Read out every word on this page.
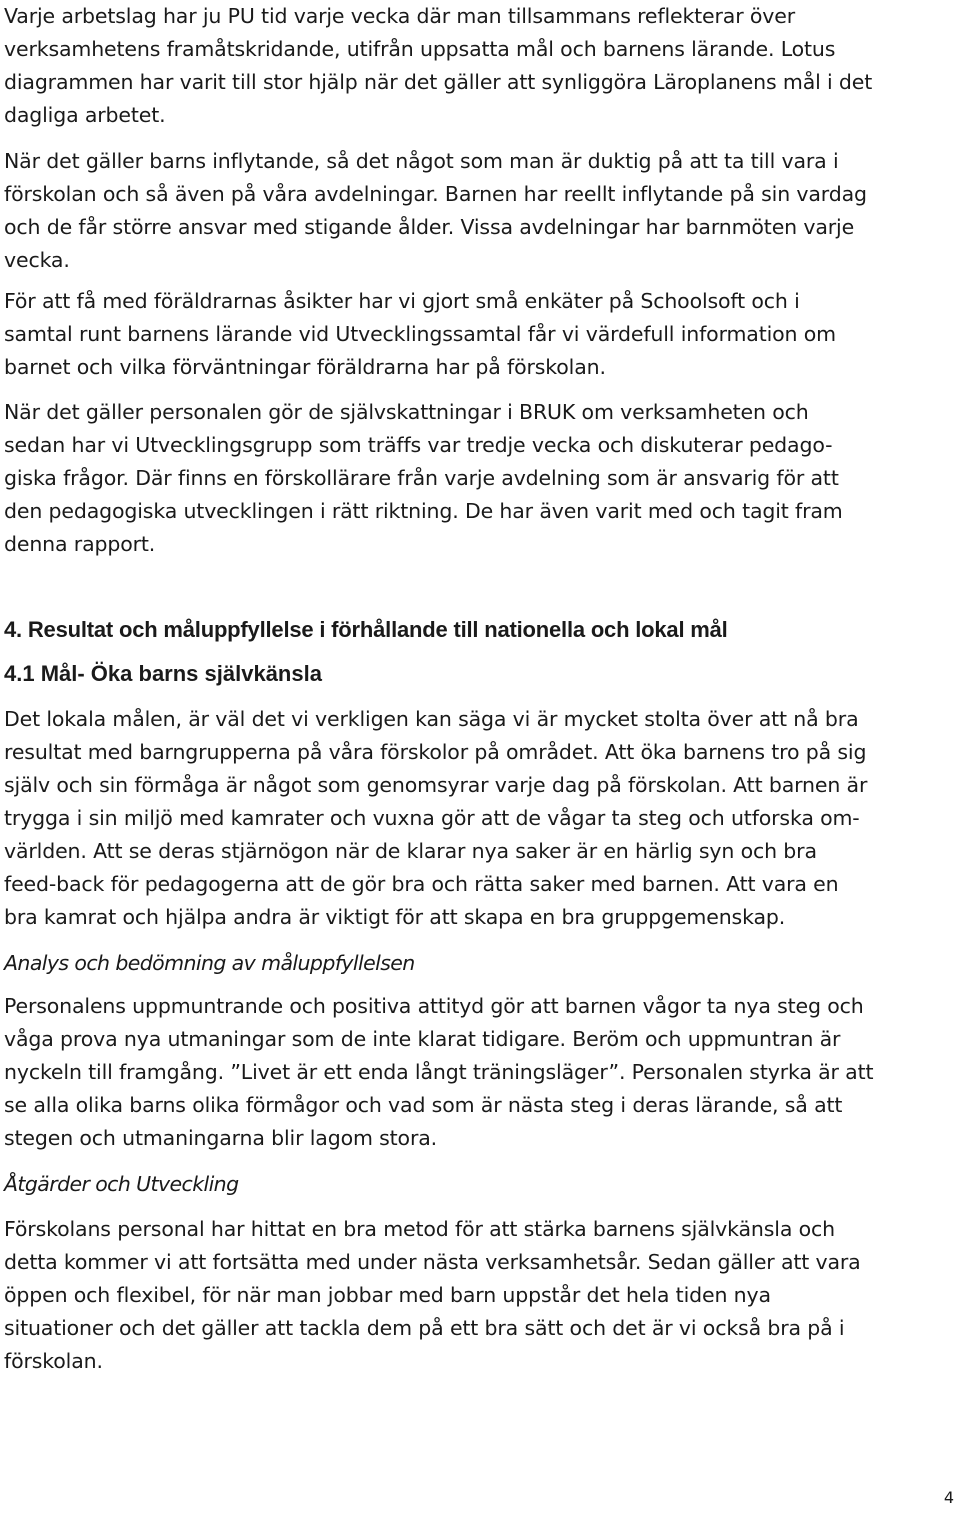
Varje arbetslag har ju PU tid varje vecka där man tillsammans reflekterar över
verksamhetens framåtskridande, utifrån uppsatta mål och barnens lärande. Lotus
diagrammen har varit till stor hjälp när det gäller att synliggöra Läroplanens mål i det
dagliga arbetet.
När det gäller barns inflytande, så det något som man är duktig på att ta till vara i
förskolan och så även på våra avdelningar. Barnen har reellt inflytande på sin vardag
och de får större ansvar med stigande ålder. Vissa avdelningar har barnmöten varje
vecka.
För att få med föräldrarnas åsikter har vi gjort små enkäter på Schoolsoft och i
samtal runt barnens lärande vid Utvecklingssamtal får vi värdefull information om
barnet och vilka förväntningar föräldrarna har på förskolan.
När det gäller personalen gör de självskattningar i BRUK om verksamheten och
sedan har vi Utvecklingsgrupp som träffs var tredje vecka och diskuterar pedago-
giska frågor. Där finns en förskollärare från varje avdelning som är ansvarig för att
den pedagogiska utvecklingen i rätt riktning. De har även varit med och tagit fram
denna rapport.
4. Resultat och måluppfyllelse i förhållande till nationella och lokal mål
4.1 Mål- Öka barns självkänsla
Det lokala målen, är väl det vi verkligen kan säga vi är mycket stolta över att nå bra
resultat med barngrupperna på våra förskolor på området. Att öka barnens tro på sig
själv och sin förmåga är något som genomsyrar varje dag på förskolan. Att barnen är
trygga i sin miljö med kamrater och vuxna gör att de vågar ta steg och utforska om-
världen. Att se deras stjärnögon när de klarar nya saker är en härlig syn och bra
feed-back för pedagogerna att de gör bra och rätta saker med barnen. Att vara en
bra kamrat och hjälpa andra är viktigt för att skapa en bra gruppgemenskap.
Analys och bedömning av måluppfyllelsen
Personalens uppmuntrande och positiva attityd gör att barnen vågor ta nya steg och
våga prova nya utmaningar som de inte klarat tidigare. Beröm och uppmuntran är
nyckeln till framgång. ”Livet är ett enda långt träningsläger”. Personalen styrka är att
se alla olika barns olika förmågor och vad som är nästa steg i deras lärande, så att
stegen och utmaningarna blir lagom stora.
Åtgärder och Utveckling
Förskolans personal har hittat en bra metod för att stärka barnens självkänsla och
detta kommer vi att fortsätta med under nästa verksamhetsår. Sedan gäller att vara
öppen och flexibel, för när man jobbar med barn uppstår det hela tiden nya
situationer och det gäller att tackla dem på ett bra sätt och det är vi också bra på i
förskolan.
4
